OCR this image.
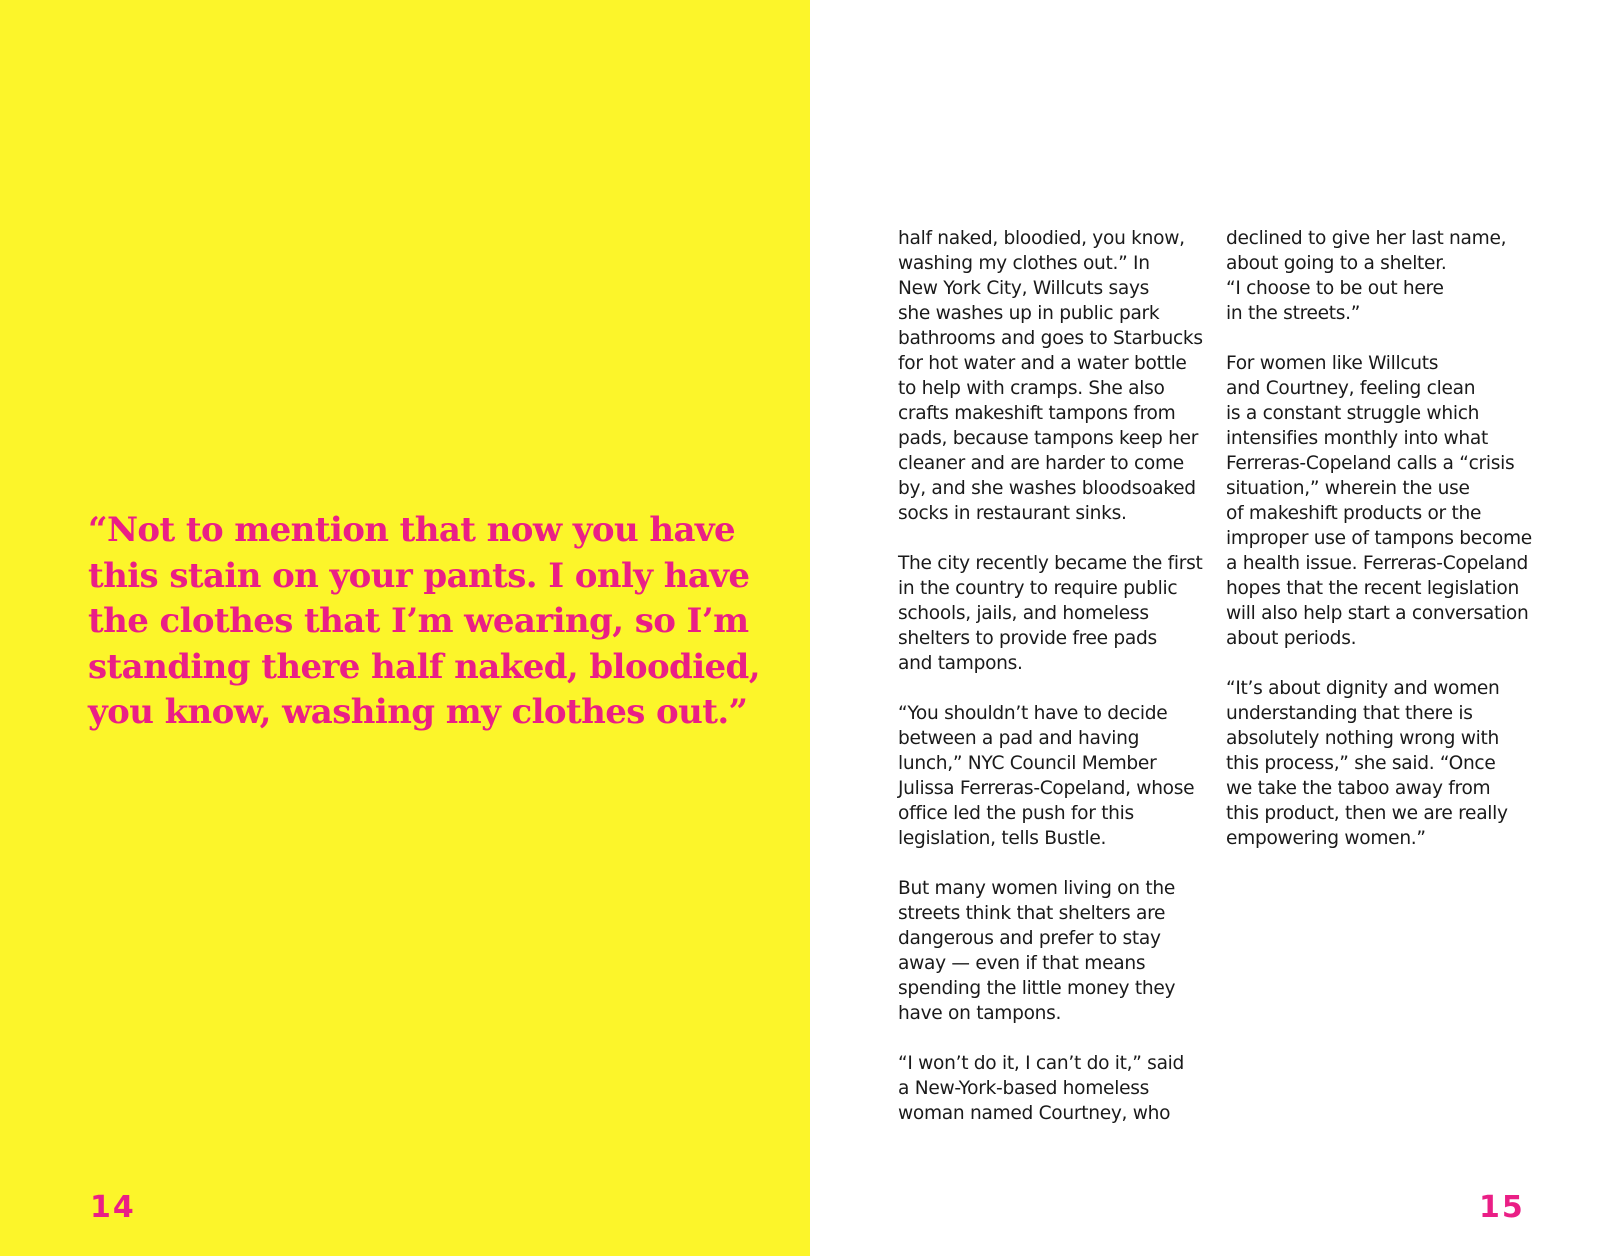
“Not to mention that now you have
this stain on your pants. I only have
the clothes that I’m wearing, so I’m
standing there half naked, bloodied,
you know, washing my clothes out.”
14

half naked, bloodied, you know,
washing my clothes out.” In
New York City, Willcuts says
she washes up in public park
bathrooms and goes to Starbucks
for hot water and a water bottle
to help with cramps. She also
crafts makeshift tampons from
pads, because tampons keep her
cleaner and are harder to come
by, and she washes bloodsoaked
socks in restaurant sinks.

The city recently became the first
in the country to require public
schools, jails, and homeless
shelters to provide free pads
and tampons.

“You shouldn’t have to decide
between a pad and having
lunch,” NYC Council Member
Julissa Ferreras-Copeland, whose
office led the push for this
legislation, tells Bustle.

But many women living on the
streets think that shelters are
dangerous and prefer to stay
away — even if that means
spending the little money they
have on tampons.

“I won’t do it, I can’t do it,” said
a New-York-based homeless
woman named Courtney, who

declined to give her last name,
about going to a shelter.
“I choose to be out here
in the streets.”

For women like Willcuts
and Courtney, feeling clean
is a constant struggle which
intensifies monthly into what
Ferreras-Copeland calls a “crisis
situation,” wherein the use
of makeshift products or the
improper use of tampons become
a health issue. Ferreras-Copeland
hopes that the recent legislation
will also help start a conversation
about periods.

“It’s about dignity and women
understanding that there is
absolutely nothing wrong with
this process,” she said. “Once
we take the taboo away from
this product, then we are really
empowering women.”

15
